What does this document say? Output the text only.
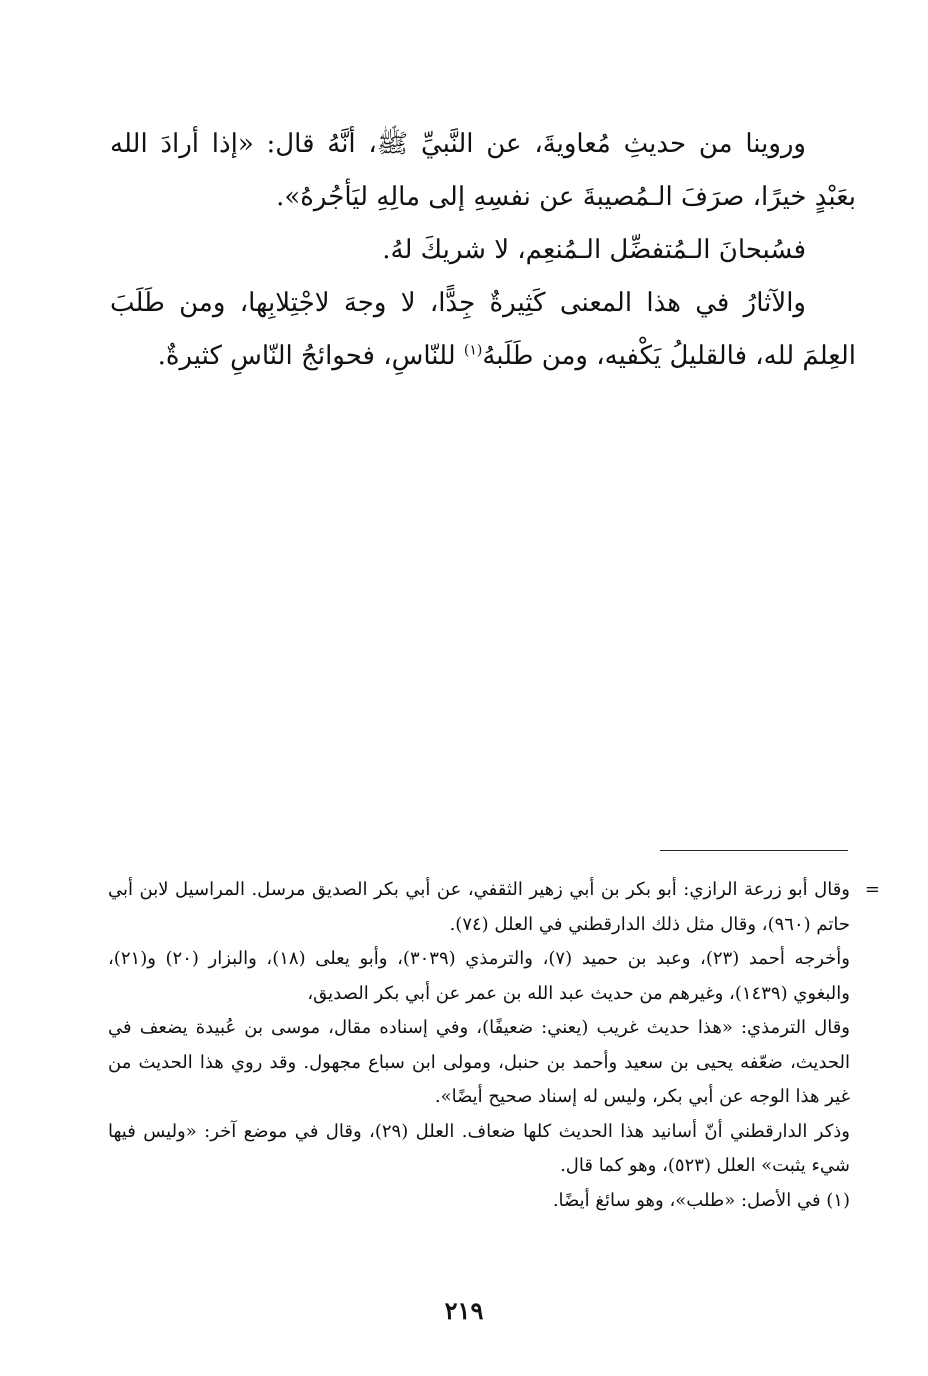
وروينا من حديثِ مُعاويةَ، عن النَّبيِّ ﷺ، أنَّهُ قال: «إذا أرادَ الله بعَبْدٍ خيرًا، صرَفَ الـمُصيبةَ عن نفسِهِ إلى مالِهِ ليَأجُرهُ».

فسُبحانَ الـمُتفضِّل الـمُنعِم، لا شريكَ لهُ.

والآثارُ في هذا المعنى كَثِيرةٌ جِدًّا، لا وجهَ لاجْتِلابِها، ومن طَلَبَ العِلمَ لله، فالقليلُ يَكْفيه، ومن طَلَبهُ$^{(١)}$ للنّاسِ، فحوائجُ النّاسِ كثيرةٌ.

=
وقال أبو زرعة الرازي: أبو بكر بن أبي زهير الثقفي، عن أبي بكر الصديق مرسل. المراسيل لابن أبي حاتم (٩٦٠)، وقال مثل ذلك الدارقطني في العلل (٧٤).

وأخرجه أحمد (٢٣)، وعبد بن حميد (٧)، والترمذي (٣٠٣٩)، وأبو يعلى (١٨)، والبزار (٢٠) و(٢١)، والبغوي (١٤٣٩)، وغيرهم من حديث عبد الله بن عمر عن أبي بكر الصديق،

وقال الترمذي: «هذا حديث غريب (يعني: ضعيفًا)، وفي إسناده مقال، موسى بن عُبيدة يضعف في الحديث، ضعّفه يحيى بن سعيد وأحمد بن حنبل، ومولى ابن سباع مجهول. وقد روي هذا الحديث من غير هذا الوجه عن أبي بكر، وليس له إسناد صحيح أيضًا».

وذكر الدارقطني أنّ أسانيد هذا الحديث كلها ضعاف. العلل (٢٩)، وقال في موضع آخر: «وليس فيها شيء يثبت» العلل (٥٢٣)، وهو كما قال.

(١) في الأصل: «طلب»، وهو سائغ أيضًا.

٢١٩
